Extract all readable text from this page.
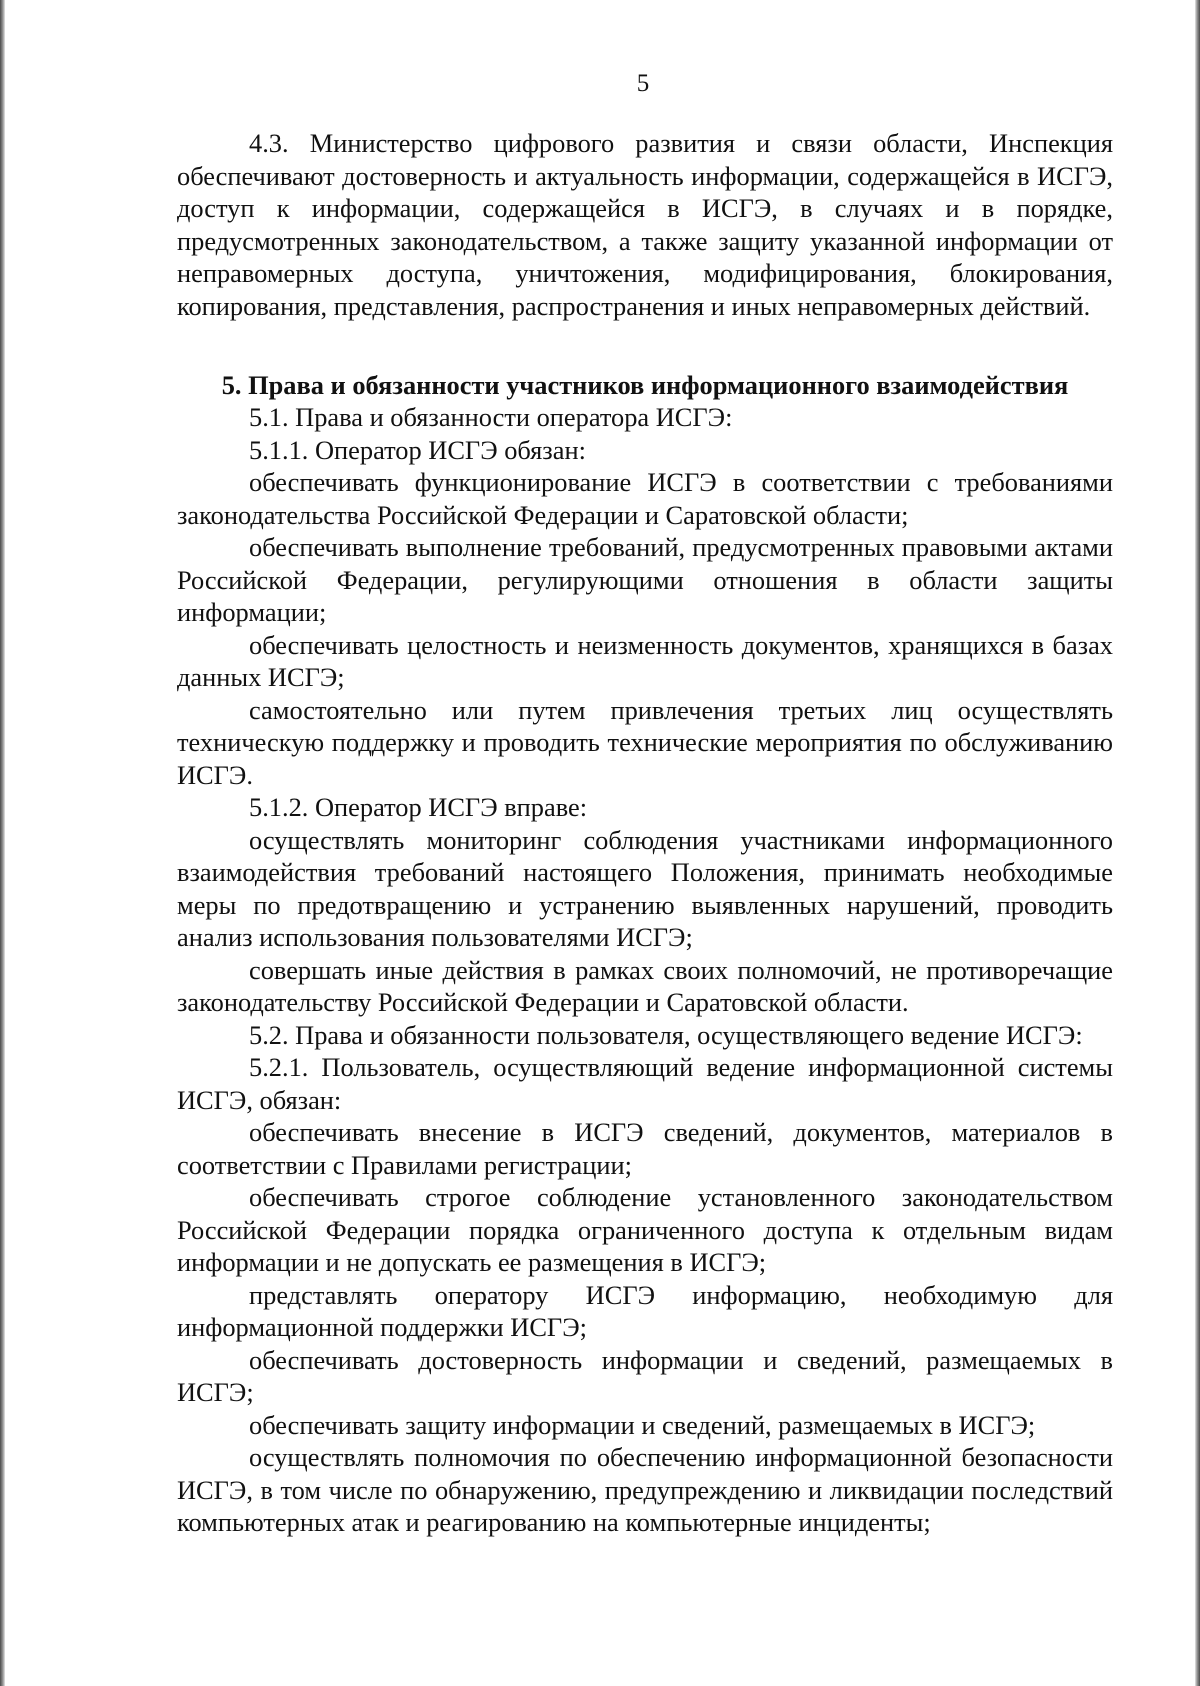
5

4.3. Министерство цифрового развития и связи области, Инспекция обеспечивают достоверность и актуальность информации, содержащейся в ИСГЭ, доступ к информации, содержащейся в ИСГЭ, в случаях и в порядке, предусмотренных законодательством, а также защиту указанной информации от неправомерных доступа, уничтожения, модифицирования, блокирования, копирования, представления, распространения и иных неправомерных действий.

5. Права и обязанности участников информационного взаимодействия

5.1. Права и обязанности оператора ИСГЭ:

5.1.1. Оператор ИСГЭ обязан:

обеспечивать функционирование ИСГЭ в соответствии с требованиями законодательства Российской Федерации и Саратовской области;

обеспечивать выполнение требований, предусмотренных правовыми актами Российской Федерации, регулирующими отношения в области защиты информации;

обеспечивать целостность и неизменность документов, хранящихся в базах данных ИСГЭ;

самостоятельно или путем привлечения третьих лиц осуществлять техническую поддержку и проводить технические мероприятия по обслуживанию ИСГЭ.

5.1.2. Оператор ИСГЭ вправе:

осуществлять мониторинг соблюдения участниками информационного взаимодействия требований настоящего Положения, принимать необходимые меры по предотвращению и устранению выявленных нарушений, проводить анализ использования пользователями ИСГЭ;

совершать иные действия в рамках своих полномочий, не противоречащие законодательству Российской Федерации и Саратовской области.

5.2. Права и обязанности пользователя, осуществляющего ведение ИСГЭ:

5.2.1. Пользователь, осуществляющий ведение информационной системы ИСГЭ, обязан:

обеспечивать внесение в ИСГЭ сведений, документов, материалов в соответствии с Правилами регистрации;

обеспечивать строгое соблюдение установленного законодательством Российской Федерации порядка ограниченного доступа к отдельным видам информации и не допускать ее размещения в ИСГЭ;

представлять оператору ИСГЭ информацию, необходимую для информационной поддержки ИСГЭ;

обеспечивать достоверность информации и сведений, размещаемых в ИСГЭ;

обеспечивать защиту информации и сведений, размещаемых в ИСГЭ;

осуществлять полномочия по обеспечению информационной безопасности ИСГЭ, в том числе по обнаружению, предупреждению и ликвидации последствий компьютерных атак и реагированию на компьютерные инциденты;
